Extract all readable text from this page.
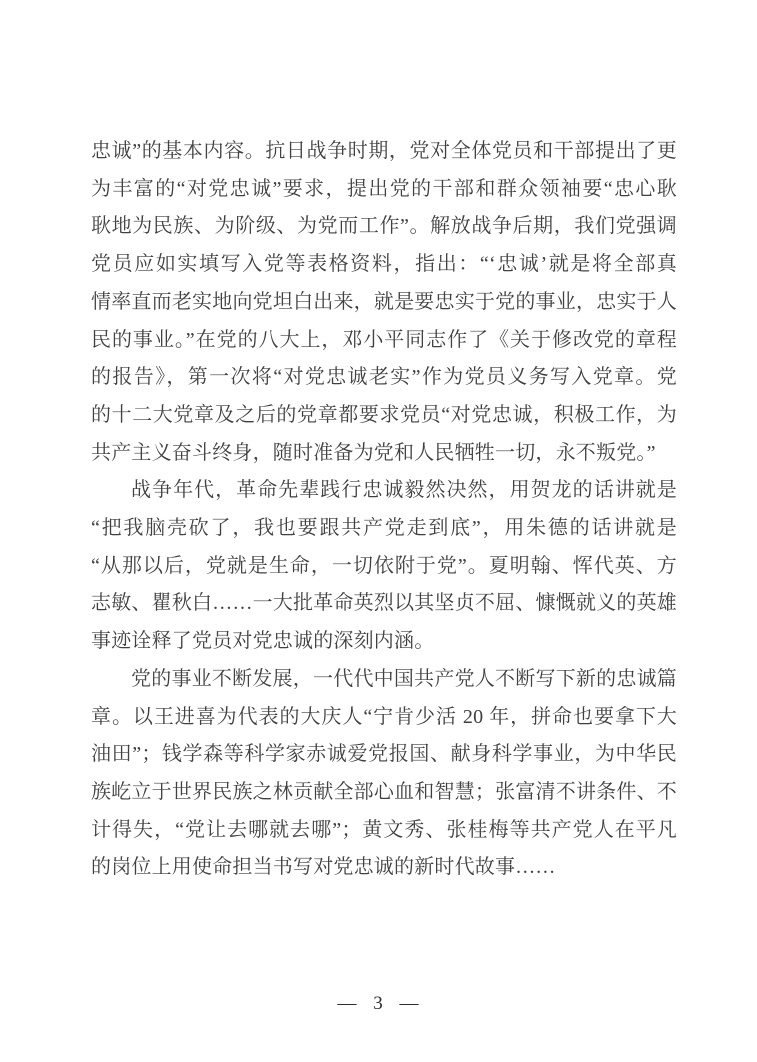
忠诚”的基本内容。抗日战争时期，党对全体党员和干部提出了更
为丰富的“对党忠诚”要求，提出党的干部和群众领袖要“忠心耿
耿地为民族、为阶级、为党而工作”。解放战争后期，我们党强调
党员应如实填写入党等表格资料，指出：“‘忠诚’就是将全部真
情率直而老实地向党坦白出来，就是要忠实于党的事业，忠实于人
民的事业。”在党的八大上，邓小平同志作了《关于修改党的章程
的报告》，第一次将“对党忠诚老实”作为党员义务写入党章。党
的十二大党章及之后的党章都要求党员“对党忠诚，积极工作，为
共产主义奋斗终身，随时准备为党和人民牺牲一切，永不叛党。”
战争年代，革命先辈践行忠诚毅然决然，用贺龙的话讲就是
“把我脑壳砍了，我也要跟共产党走到底”，用朱德的话讲就是
“从那以后，党就是生命，一切依附于党”。夏明翰、恽代英、方
志敏、瞿秋白……一大批革命英烈以其坚贞不屈、慷慨就义的英雄
事迹诠释了党员对党忠诚的深刻内涵。
党的事业不断发展，一代代中国共产党人不断写下新的忠诚篇
章。以王进喜为代表的大庆人“宁肯少活 20 年，拼命也要拿下大
油田”；钱学森等科学家赤诚爱党报国、献身科学事业，为中华民
族屹立于世界民族之林贡献全部心血和智慧；张富清不讲条件、不
计得失，“党让去哪就去哪”；黄文秀、张桂梅等共产党人在平凡
的岗位上用使命担当书写对党忠诚的新时代故事……
— 3 —
